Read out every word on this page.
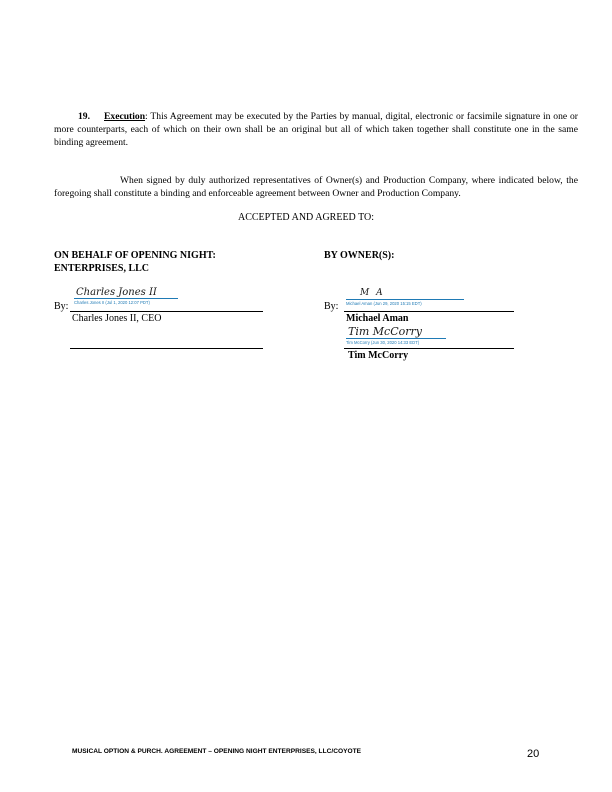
19. Execution: This Agreement may be executed by the Parties by manual, digital, electronic or facsimile signature in one or more counterparts, each of which on their own shall be an original but all of which taken together shall constitute one in the same binding agreement.
When signed by duly authorized representatives of Owner(s) and Production Company, where indicated below, the foregoing shall constitute a binding and enforceable agreement between Owner and Production Company.
ACCEPTED AND AGREED TO:
ON BEHALF OF OPENING NIGHT:
ENTERPRISES, LLC
By:
Charles Jones II
Charles Jones II (Jul 1, 2020 12:07 PDT)
Charles Jones II, CEO
BY OWNER(S):
By:
M A
Michael Aman (Jun 29, 2020 15:15 EDT)
Michael Aman
Tim McCorry
Tim McCorry (Jun 30, 2020 14:33 EDT)
Tim McCorry
MUSICAL OPTION & PURCH. AGREEMENT – OPENING NIGHT ENTERPRISES, LLC/COYOTE	20
